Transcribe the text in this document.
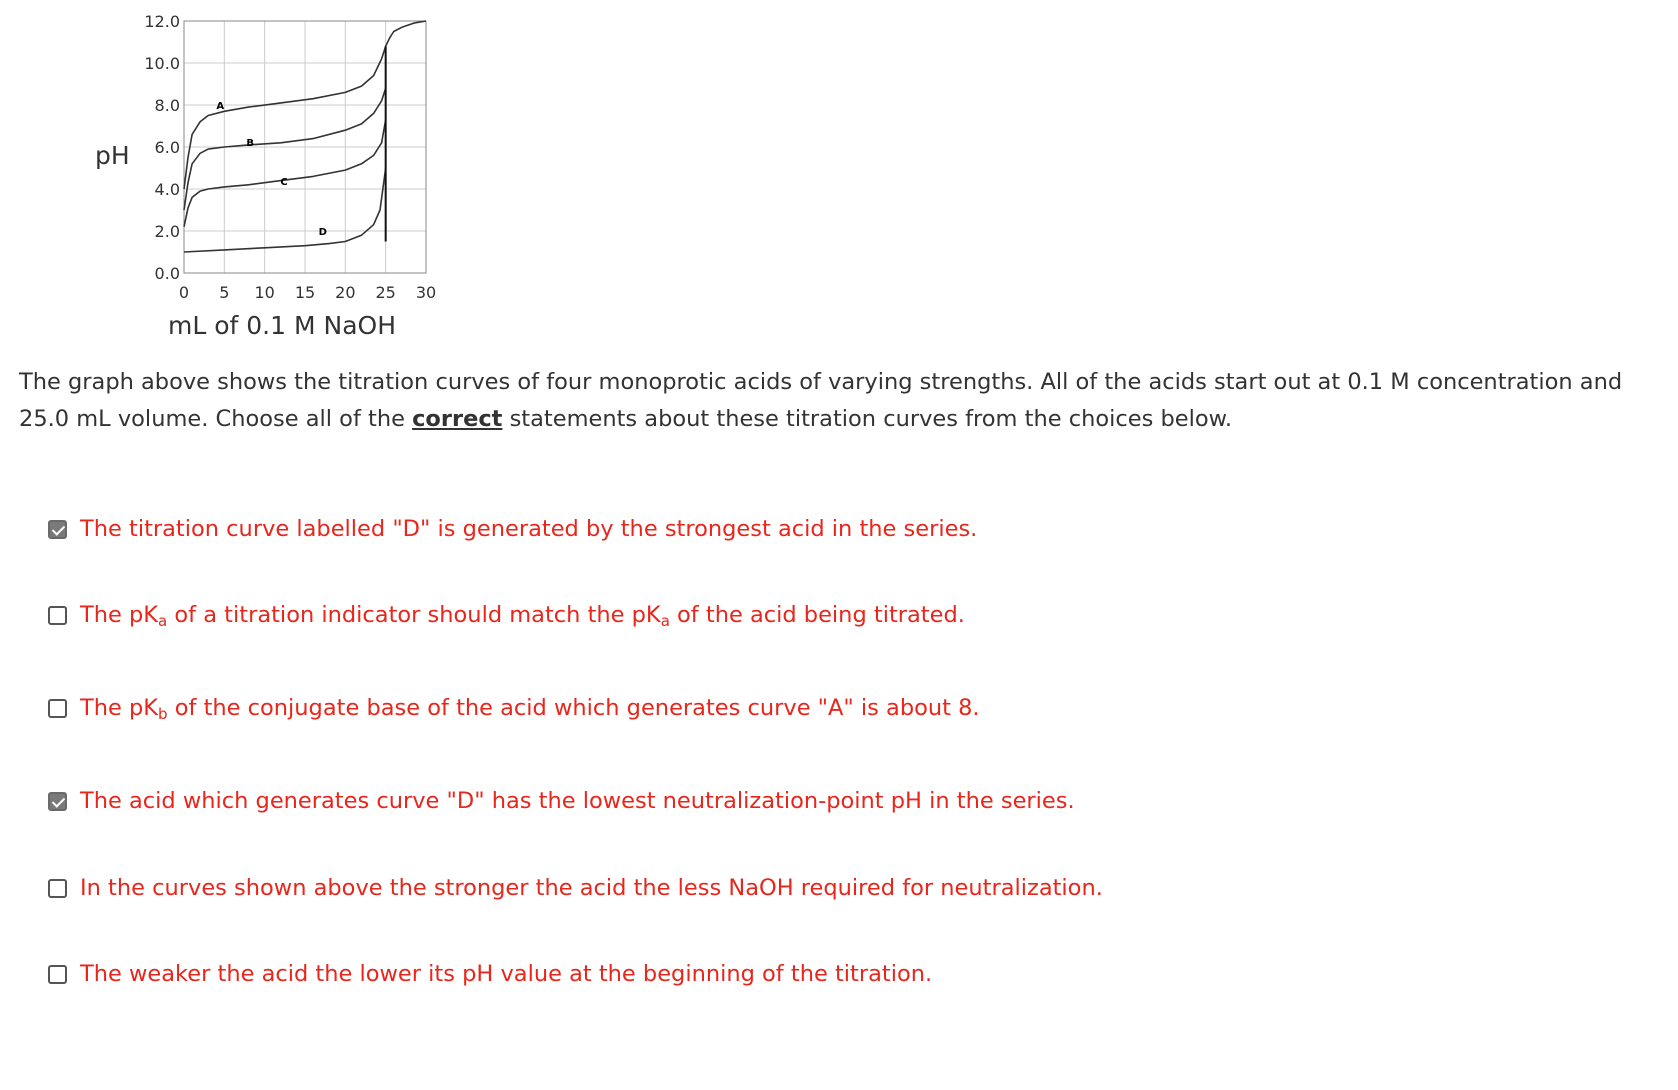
A
B
C
D
0 5 10 15 20 25 30
0.0
2.0
4.0
6.0
8.0
10.0
12.0
pH
mL of 0.1 M NaOH
The graph above shows the titration curves of four monoprotic acids of varying strengths. All of the acids start out at 0.1 M concentration and 25.0 mL volume. Choose all of the correct statements about these titration curves from the choices below.
The titration curve labelled "D" is generated by the strongest acid in the series.
The $pK_a$ of a titration indicator should match the $pK_a$ of the acid being titrated.
The $pK_b$ of the conjugate base of the acid which generates curve "A" is about 8.
The acid which generates curve "D" has the lowest neutralization-point pH in the series.
In the curves shown above the stronger the acid the less NaOH required for neutralization.
The weaker the acid the lower its pH value at the beginning of the titration.
